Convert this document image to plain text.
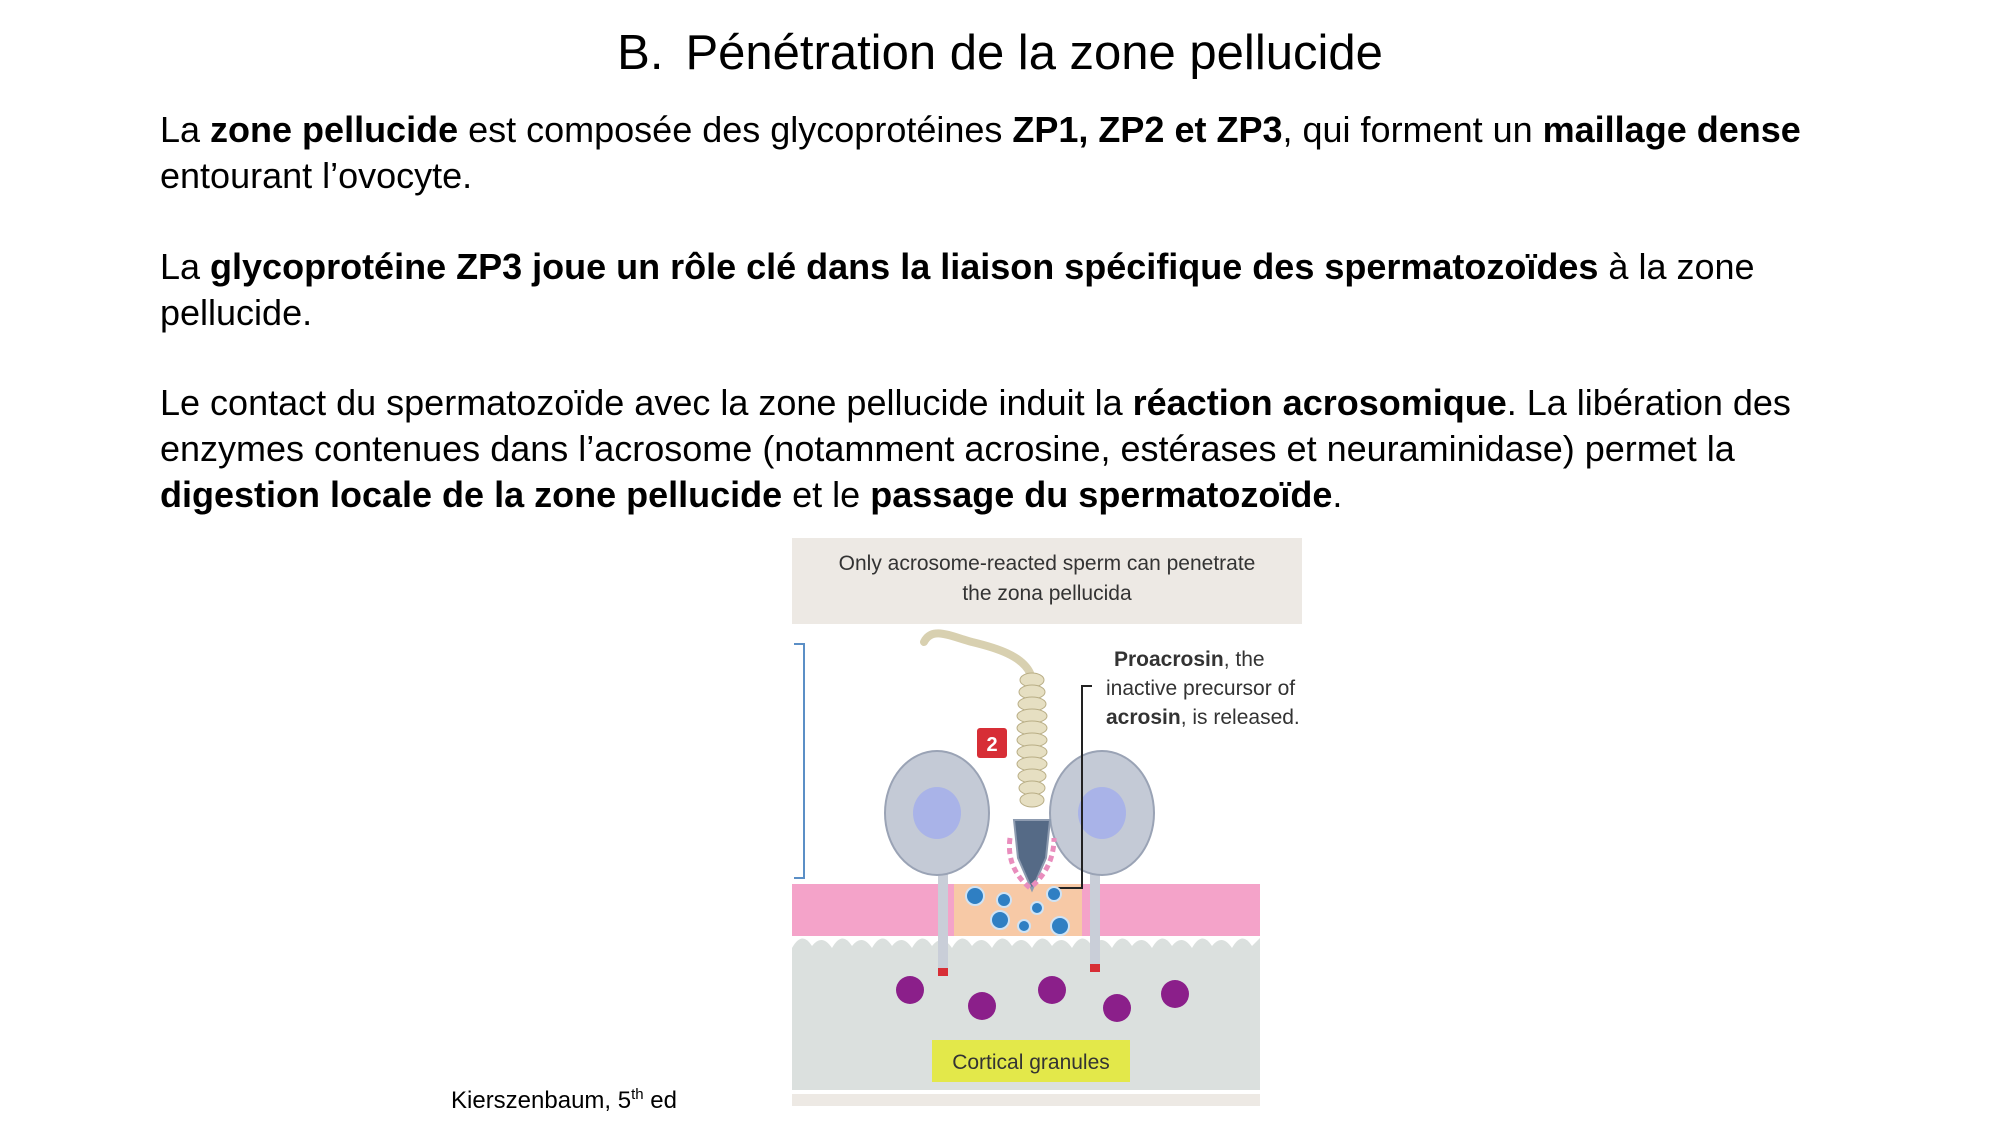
B. Pénétration de la zone pellucide
La zone pellucide est composée des glycoprotéines ZP1, ZP2 et ZP3, qui forment un maillage dense entourant l’ovocyte.
La glycoprotéine ZP3 joue un rôle clé dans la liaison spécifique des spermatozoïdes à la zone pellucide.
Le contact du spermatozoïde avec la zone pellucide induit la réaction acrosomique. La libération des enzymes contenues dans l’acrosome (notamment acrosine, estérases et neuraminidase) permet la digestion locale de la zone pellucide et le passage du spermatozoïde.
Only acrosome-reacted sperm can penetrate
the zona pellucida
2
Proacrosin, the
inactive precursor of
acrosin, is released.
Cortical granules
Kierszenbaum, 5th ed
